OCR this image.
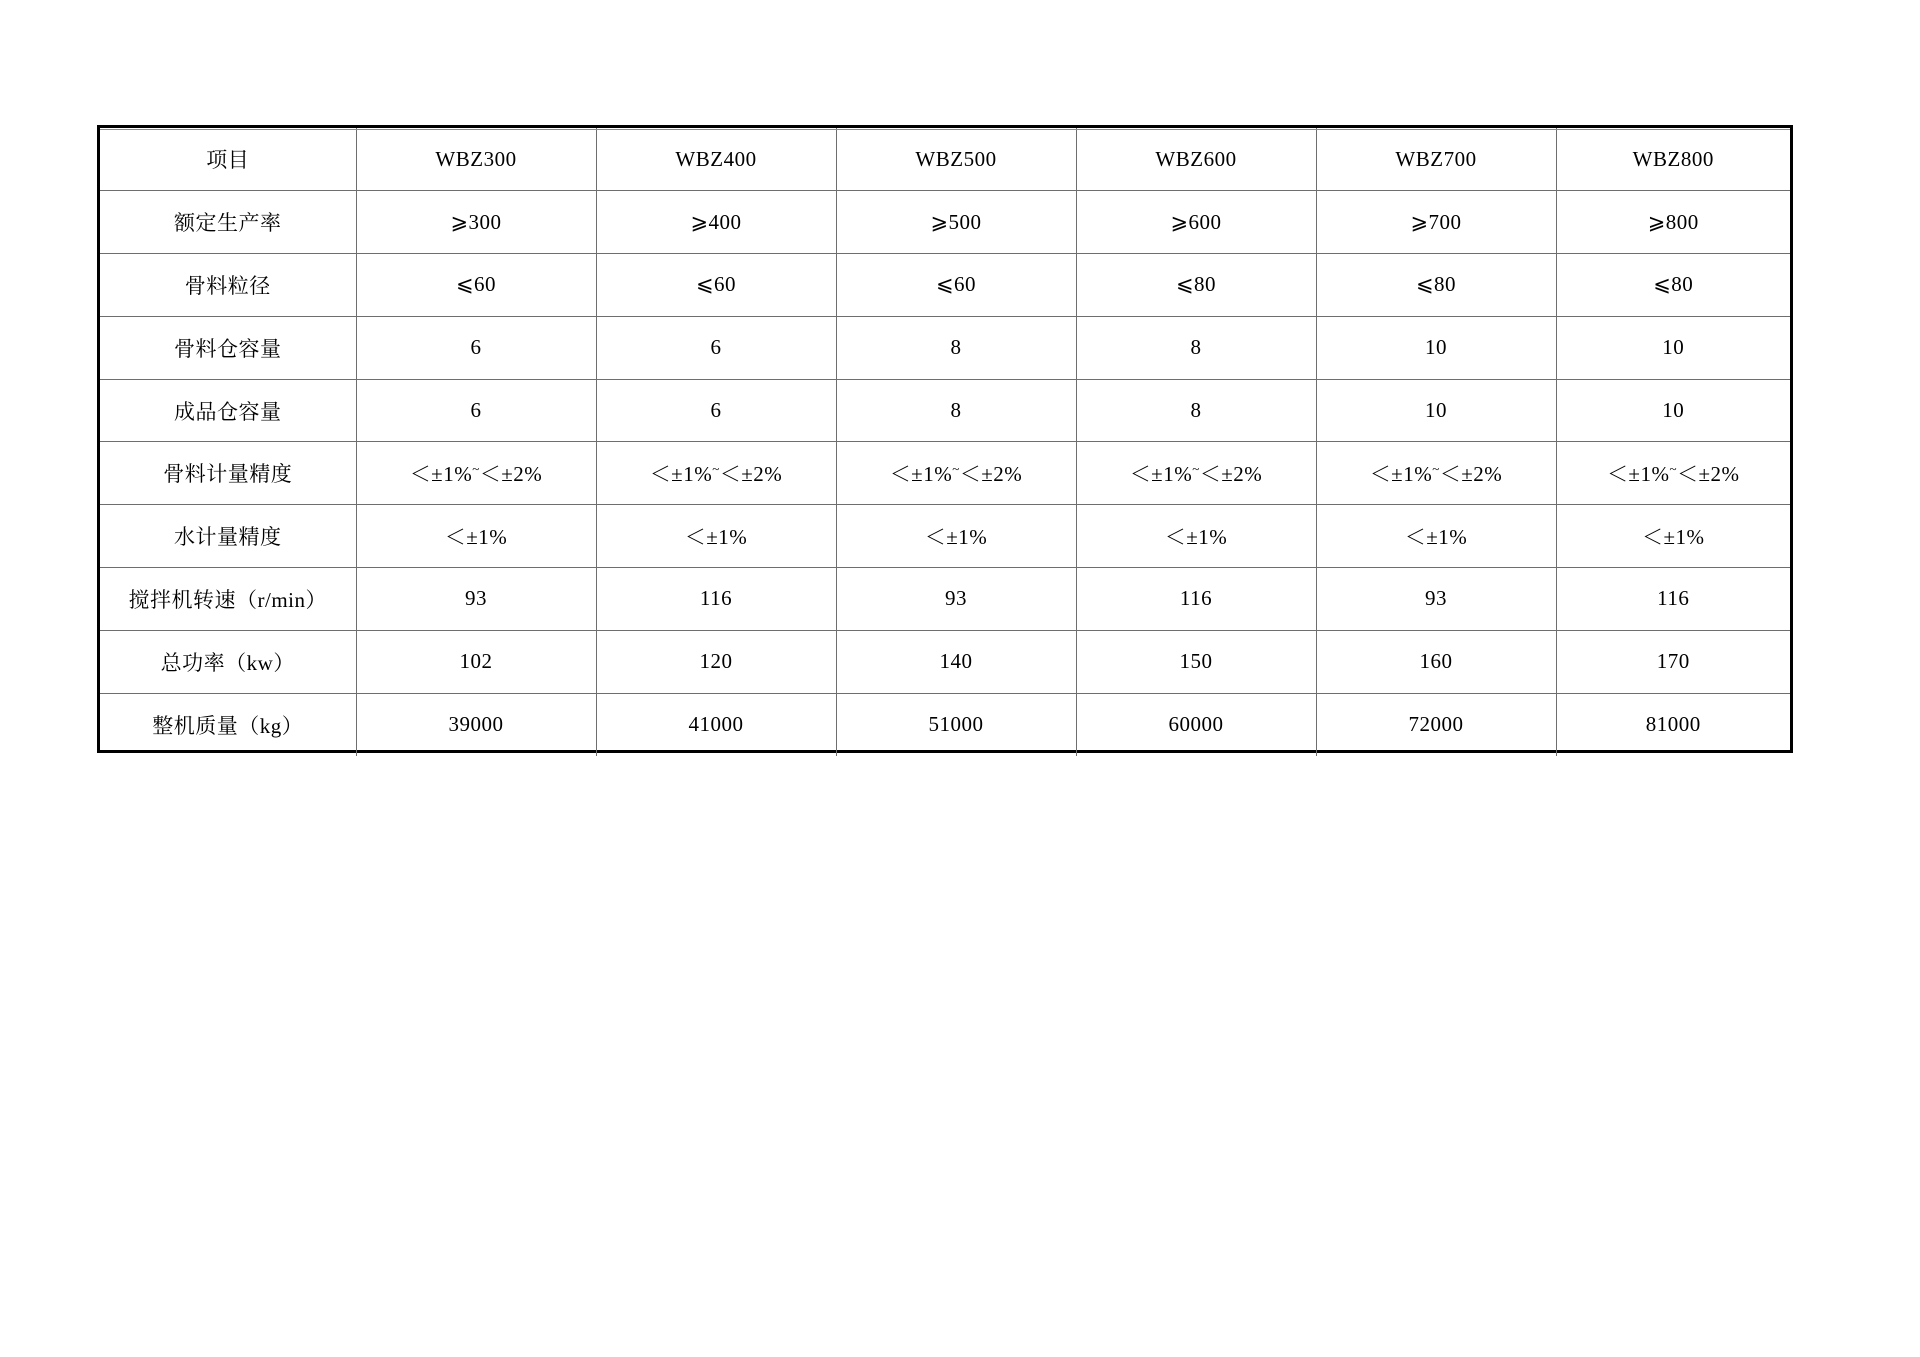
项目	WBZ300	WBZ400	WBZ500	WBZ600	WBZ700	WBZ800
额定生产率	⩾300	⩾400	⩾500	⩾600	⩾700	⩾800
骨料粒径	⩽60	⩽60	⩽60	⩽80	⩽80	⩽80
骨料仓容量	6	6	8	8	10	10
成品仓容量	6	6	8	8	10	10
骨料计量精度	＜±1%~＜±2%	＜±1%~＜±2%	＜±1%~＜±2%	＜±1%~＜±2%	＜±1%~＜±2%	＜±1%~＜±2%
水计量精度	＜±1%	＜±1%	＜±1%	＜±1%	＜±1%	＜±1%
搅拌机转速（r/min）	93	116	93	116	93	116
总功率（kw）	102	120	140	150	160	170
整机质量（kg）	39000	41000	51000	60000	72000	81000
